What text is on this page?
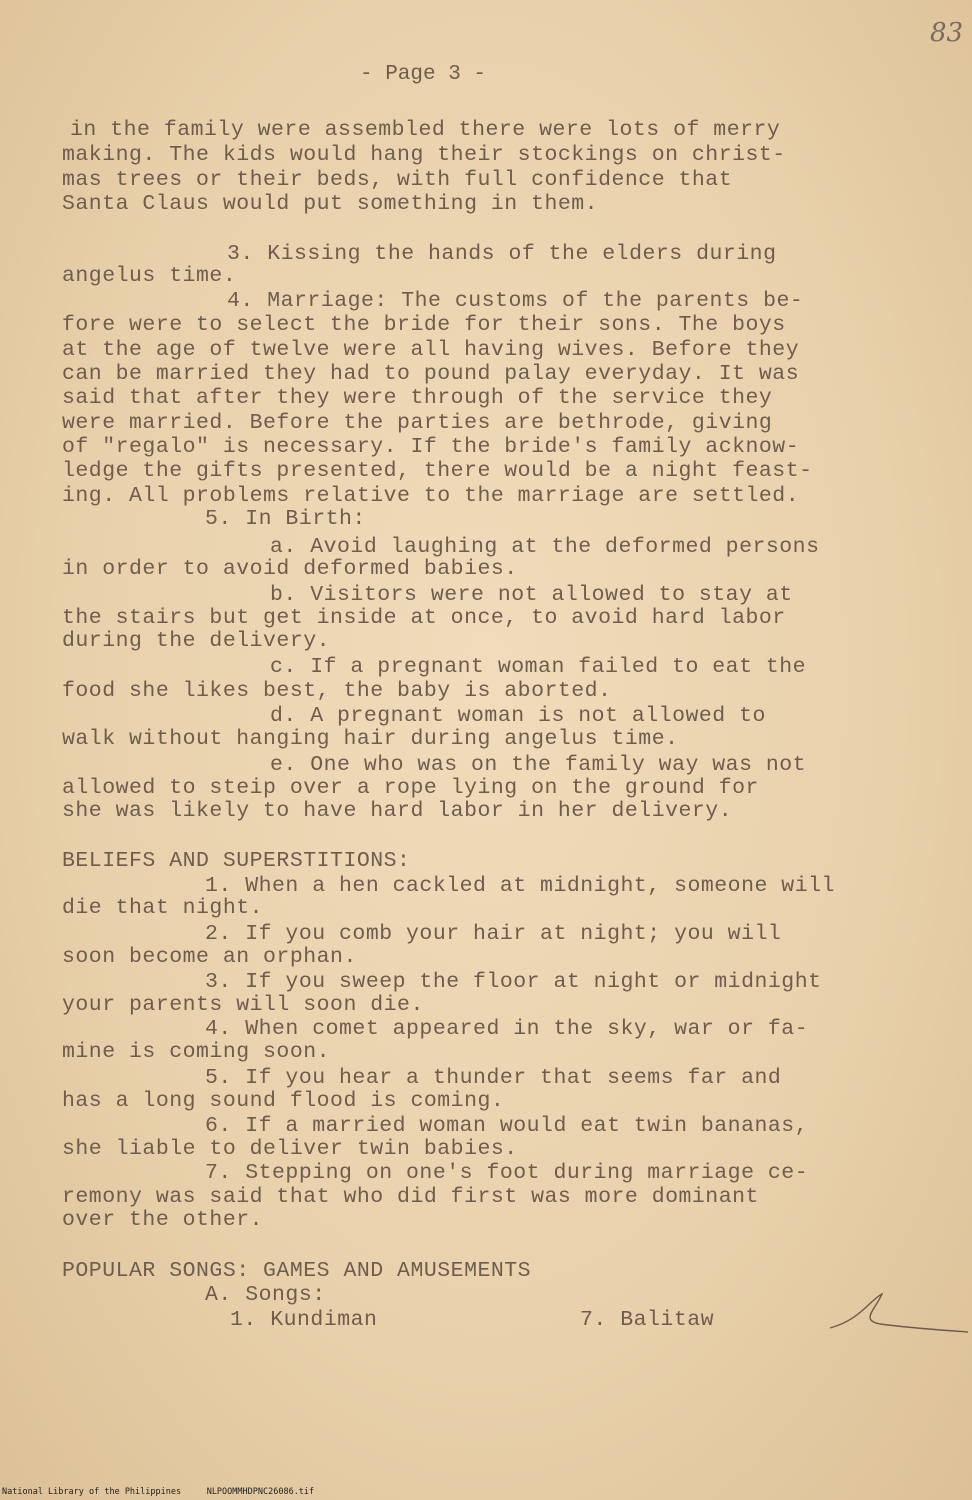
83
- Page 3 -
in the family were assembled there were lots of merry
making. The kids would hang their stockings on christ-
mas trees or their beds, with full confidence that
Santa Claus would put something in them.
3. Kissing the hands of the elders during
angelus time.
4. Marriage: The customs of the parents be-
fore were to select the bride for their sons. The boys
at the age of twelve were all having wives. Before they
can be married they had to pound palay everyday. It was
said that after they were through of the service they
were married. Before the parties are bethrode, giving
of "regalo" is necessary. If the bride's family acknow-
ledge the gifts presented, there would be a night feast-
ing. All problems relative to the marriage are settled.
5. In Birth:
a. Avoid laughing at the deformed persons
in order to avoid deformed babies.
b. Visitors were not allowed to stay at
the stairs but get inside at once, to avoid hard labor
during the delivery.
c. If a pregnant woman failed to eat the
food she likes best, the baby is aborted.
d. A pregnant woman is not allowed to
walk without hanging hair during angelus time.
e. One who was on the family way was not
allowed to steip over a rope lying on the ground for
she was likely to have hard labor in her delivery.
BELIEFS AND SUPERSTITIONS:
1. When a hen cackled at midnight, someone will
die that night.
2. If you comb your hair at night; you will
soon become an orphan.
3. If you sweep the floor at night or midnight
your parents will soon die.
4. When comet appeared in the sky, war or fa-
mine is coming soon.
5. If you hear a thunder that seems far and
has a long sound flood is coming.
6. If a married woman would eat twin bananas,
she liable to deliver twin babies.
7. Stepping on one's foot during marriage ce-
remony was said that who did first was more dominant
over the other.
POPULAR SONGS: GAMES AND AMUSEMENTS
A. Songs:
1. Kundiman	7. Balitaw
National Library of the Philippines     NLPOOMMHDPNC26086.tif
